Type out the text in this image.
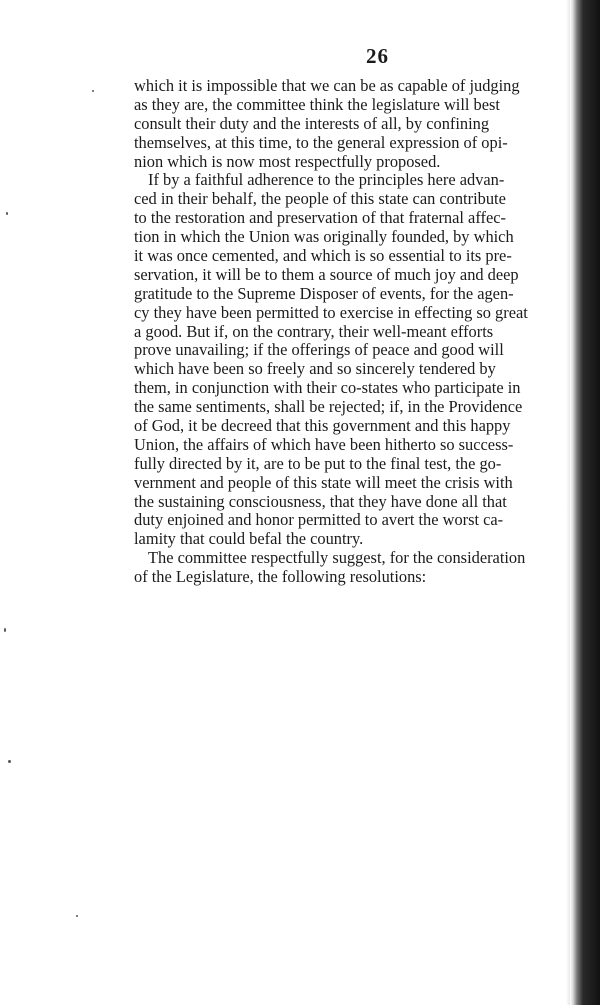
26
which it is impossible that we can be as capable of judging
as they are, the committee think the legislature will best
consult their duty and the interests of all, by confining
themselves, at this time, to the general expression of opi-
nion which is now most respectfully proposed.
If by a faithful adherence to the principles here advan-
ced in their behalf, the people of this state can contribute
to the restoration and preservation of that fraternal affec-
tion in which the Union was originally founded, by which
it was once cemented, and which is so essential to its pre-
servation, it will be to them a source of much joy and deep
gratitude to the Supreme Disposer of events, for the agen-
cy they have been permitted to exercise in effecting so great
a good. But if, on the contrary, their well-meant efforts
prove unavailing; if the offerings of peace and good will
which have been so freely and so sincerely tendered by
them, in conjunction with their co-states who participate in
the same sentiments, shall be rejected; if, in the Providence
of God, it be decreed that this government and this happy
Union, the affairs of which have been hitherto so success-
fully directed by it, are to be put to the final test, the go-
vernment and people of this state will meet the crisis with
the sustaining consciousness, that they have done all that
duty enjoined and honor permitted to avert the worst ca-
lamity that could befal the country.
The committee respectfully suggest, for the consideration
of the Legislature, the following resolutions:
